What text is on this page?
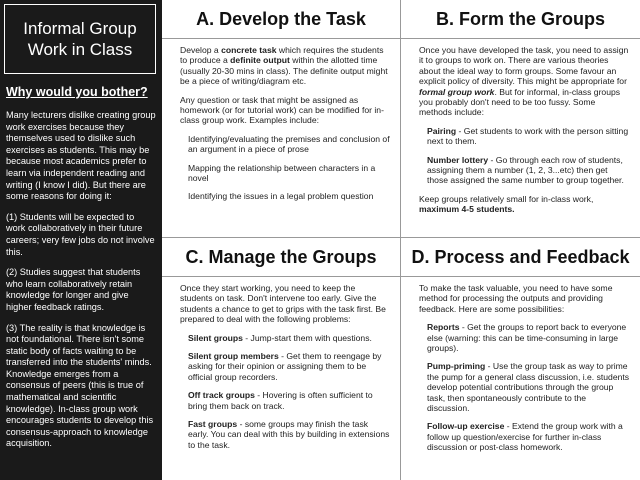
Informal Group Work in Class
Why would you bother?

Many lecturers dislike creating group work exercises because they themselves used to dislike such exercises as students. This may be because most academics prefer to learn via independent reading and writing (I know I did). But there are some reasons for doing it:

(1) Students will be expected to work collaboratively in their future careers; very few jobs do not involve this.

(2) Studies suggest that students who learn collaboratively retain knowledge for longer and give higher feedback ratings.

(3) The reality is that knowledge is not foundational. There isn't some static body of facts waiting to be transferred into the students' minds. Knowledge emerges from a consensus of peers (this is true of mathematical and scientific knowledge). In-class group work encourages students to develop this consensus-approach to knowledge acquisition.

A. Develop the Task

Develop a concrete task which requires the students to produce a definite output within the allotted time (usually 20-30 mins in class). The definite output might be a piece of writing/diagram etc.

Any question or task that might be assigned as homework (or for tutorial work) can be modified for in-class group work. Examples include:

Identifying/evaluating the premises and conclusion of an argument in a piece of prose

Mapping the relationship between characters in a novel

Identifying the issues in a legal problem question

B. Form the Groups

Once you have developed the task, you need to assign it to groups to work on. There are various theories about the ideal way to form groups. Some favour an explicit policy of diversity. This might be appropriate for formal group work. But for informal, in-class groups you probably don't need to be too fussy. Some methods include:

Pairing - Get students to work with the person sitting next to them.

Number lottery - Go through each row of students, assigning them a number (1, 2, 3...etc) then get those assigned the same number to group together.

Keep groups relatively small for in-class work, maximum 4-5 students.

C. Manage the Groups

Once they start working, you need to keep the students on task. Don't intervene too early. Give the students a chance to get to grips with the task first. Be prepared to deal with the following problems:

Silent groups - Jump-start them with questions.

Silent group members - Get them to reengage by asking for their opinion or assigning them to be official group recorders.

Off track groups - Hovering is often sufficient to bring them back on track.

Fast groups - some groups may finish the task early. You can deal with this by building in extensions to the task.

D. Process and Feedback

To make the task valuable, you need to have some method for processing the outputs and providing feedback. Here are some possibilities:

Reports - Get the groups to report back to everyone else (warning: this can be time-consuming in large groups).

Pump-priming - Use the group task as way to prime the pump for a general class discussion, i.e. students develop potential contributions through the group task, then spontaneously contribute to the discussion.

Follow-up exercise - Extend the group work with a follow up question/exercise for further in-class discussion or post-class homework.
